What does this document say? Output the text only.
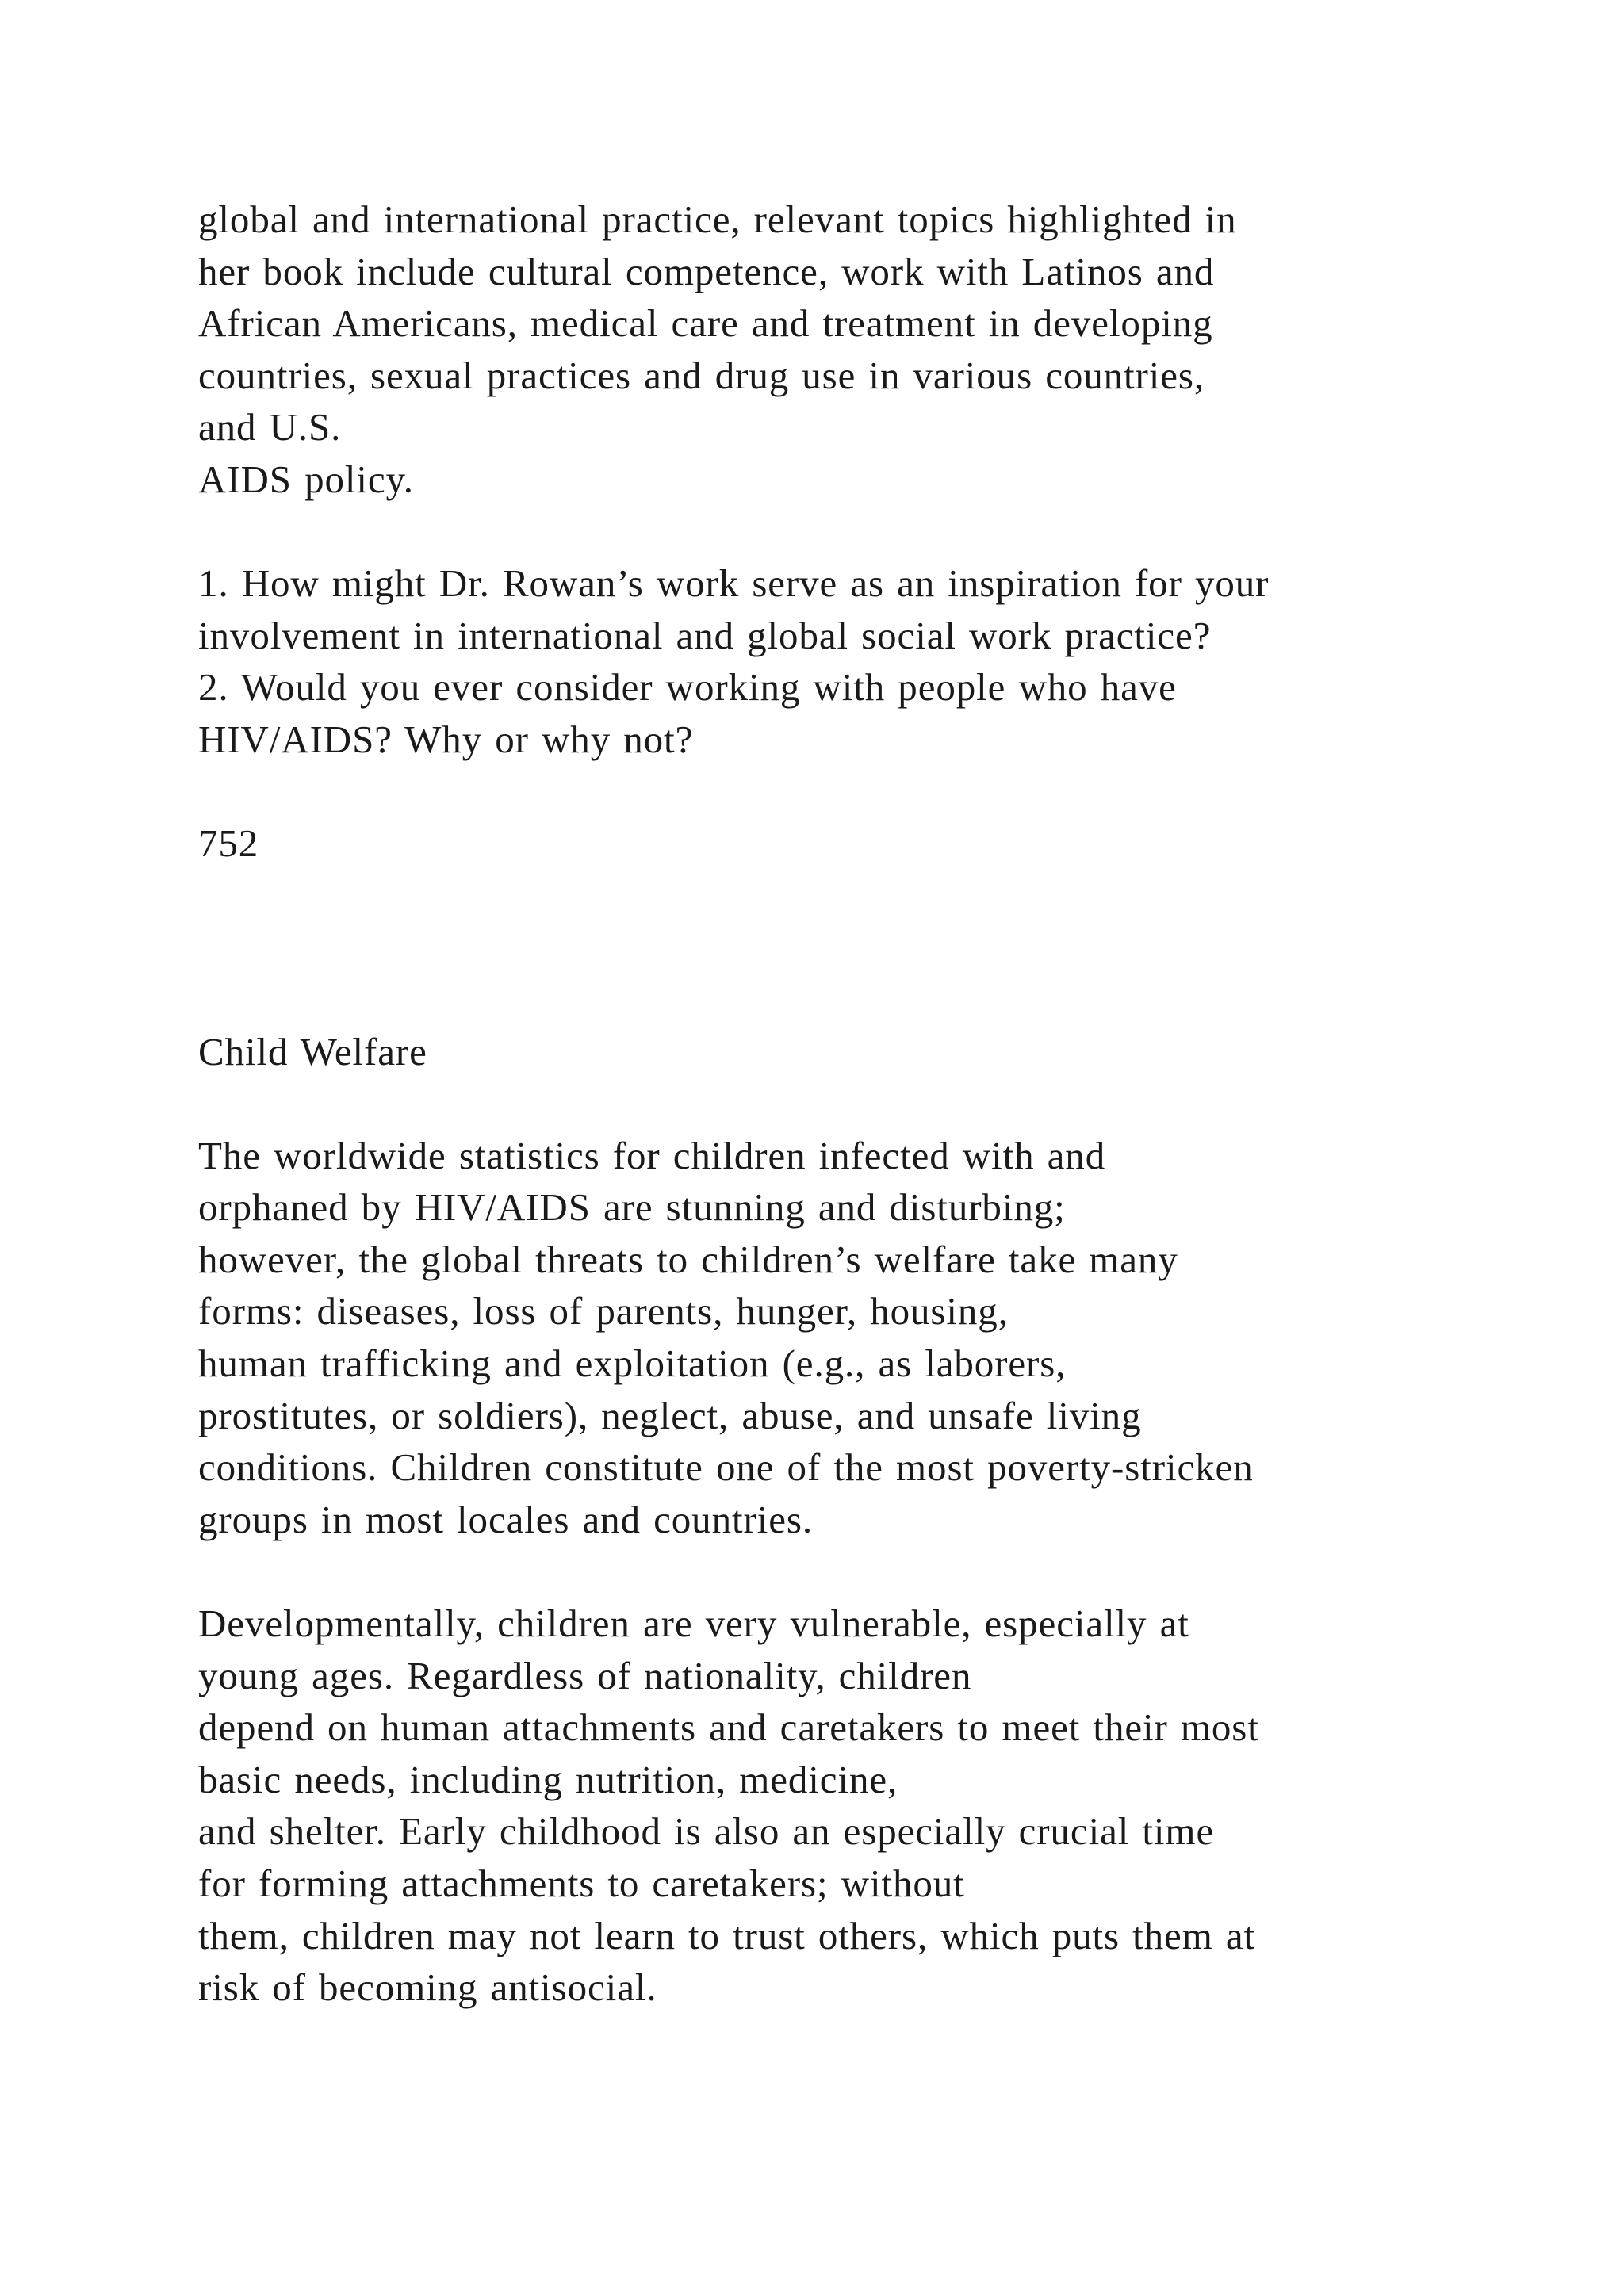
global and international practice, relevant topics highlighted in
her book include cultural competence, work with Latinos and
African Americans, medical care and treatment in developing
countries, sexual practices and drug use in various countries,
and U.S.
AIDS policy.
1. How might Dr. Rowan’s work serve as an inspiration for your
involvement in international and global social work practice?
2. Would you ever consider working with people who have
HIV/AIDS? Why or why not?
752
Child Welfare
The worldwide statistics for children infected with and
orphaned by HIV/AIDS are stunning and disturbing;
however, the global threats to children’s welfare take many
forms: diseases, loss of parents, hunger, housing,
human trafficking and exploitation (e.g., as laborers,
prostitutes, or soldiers), neglect, abuse, and unsafe living
conditions. Children constitute one of the most poverty-stricken
groups in most locales and countries.
Developmentally, children are very vulnerable, especially at
young ages. Regardless of nationality, children
depend on human attachments and caretakers to meet their most
basic needs, including nutrition, medicine,
and shelter. Early childhood is also an especially crucial time
for forming attachments to caretakers; without
them, children may not learn to trust others, which puts them at
risk of becoming antisocial.
